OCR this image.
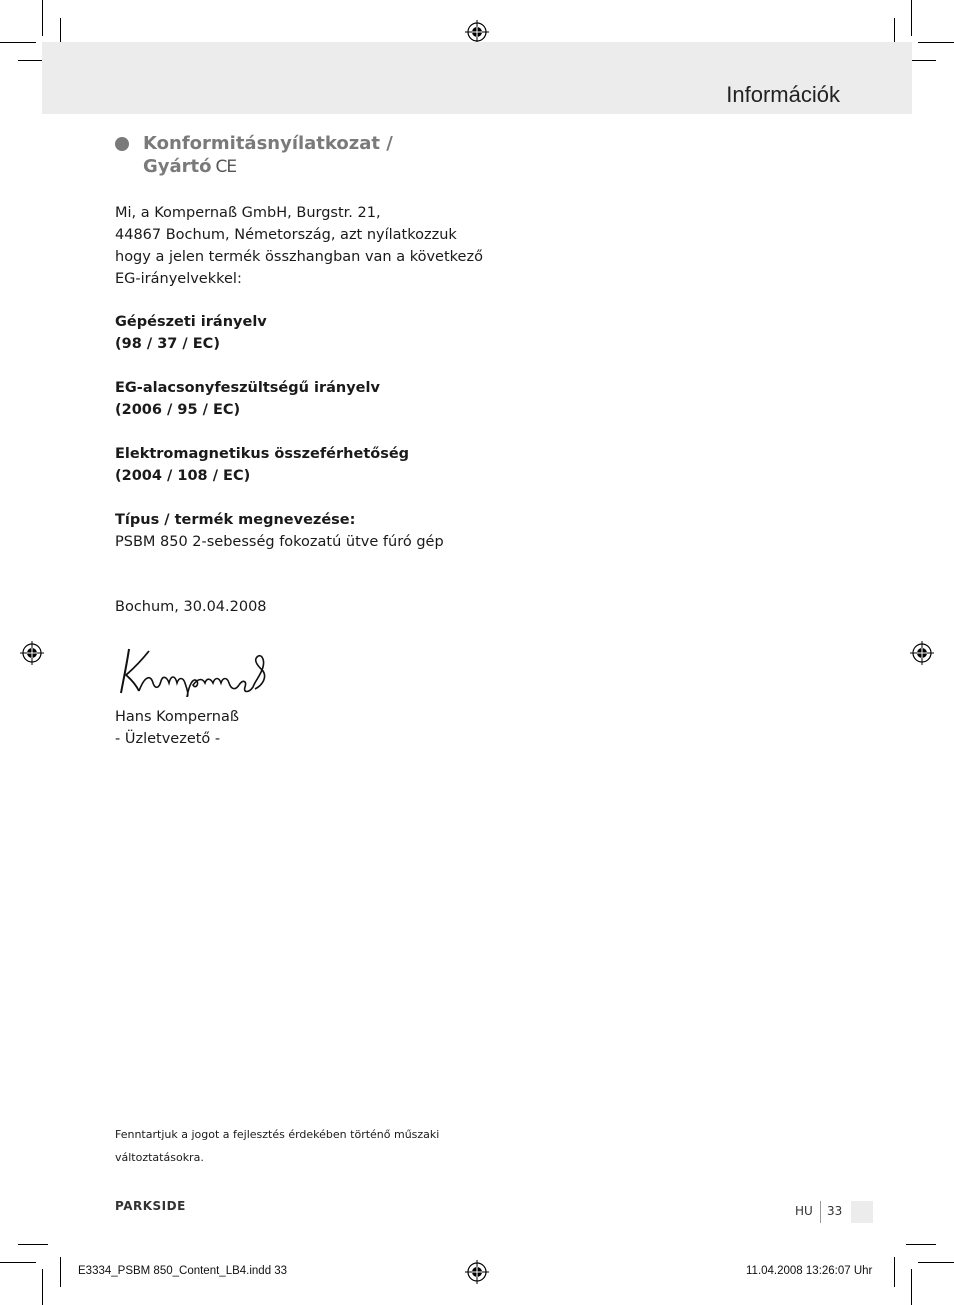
Információk
Konformitásnyílatkozat /
Gyártó CE
Mi, a Kompernaß GmbH, Burgstr. 21,
44867 Bochum, Németország, azt nyílatkozzuk
hogy a jelen termék összhangban van a következő
EG-irányelvekkel:
Gépészeti irányelv
(98 / 37 / EC)
EG-alacsonyfeszültségű irányelv
(2006 / 95 / EC)
Elektromagnetikus összeférhetőség
(2004 / 108 / EC)
Típus / termék megnevezése:
PSBM 850 2-sebesség fokozatú ütve fúró gép
Bochum, 30.04.2008
Hans Kompernaß
- Üzletvezető -
Fenntartjuk a jogot a fejlesztés érdekében történő műszaki
változtatásokra.
PARKSIDE	HU 33
E3334_PSBM 850_Content_LB4.indd 33	11.04.2008 13:26:07 Uhr
